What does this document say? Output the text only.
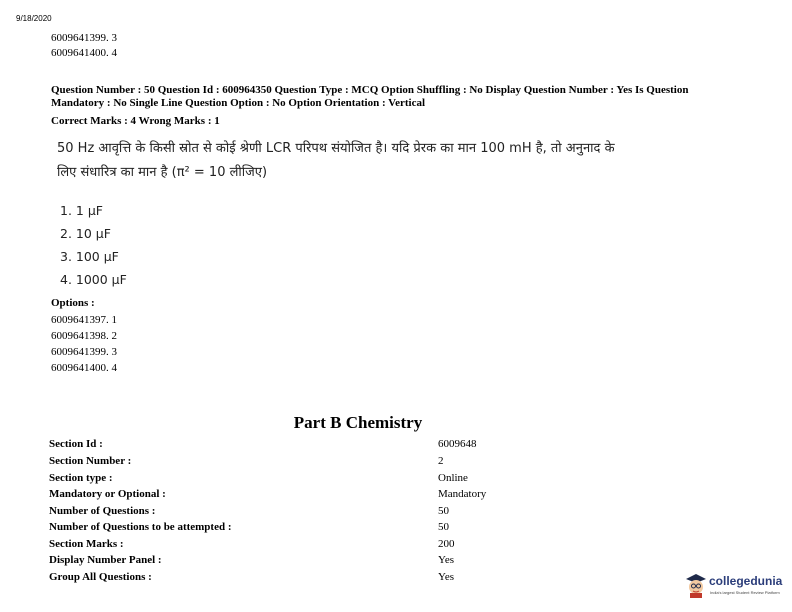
9/18/2020
6009641399. 3
6009641400. 4
Question Number : 50 Question Id : 600964350 Question Type : MCQ Option Shuffling : No Display Question Number : Yes Is Question
Mandatory : No Single Line Question Option : No Option Orientation : Vertical
Correct Marks : 4 Wrong Marks : 1
50 Hz आवृत्ति के किसी स्रोत से कोई श्रेणी LCR परिपथ संयोजित है। यदि प्रेरक का मान 100 mH है, तो अनुनाद के
लिए संधारित्र का मान है (π² = 10 लीजिए)
1. 1 μF
2. 10 μF
3. 100 μF
4. 1000 μF
Options :
6009641397. 1
6009641398. 2
6009641399. 3
6009641400. 4
Part B Chemistry
Section Id :	6009648
Section Number :	2
Section type :	Online
Mandatory or Optional :	Mandatory
Number of Questions :	50
Number of Questions to be attempted :	50
Section Marks :	200
Display Number Panel :	Yes
Group All Questions :	Yes	collegedunia
India's largest Student Review Platform
